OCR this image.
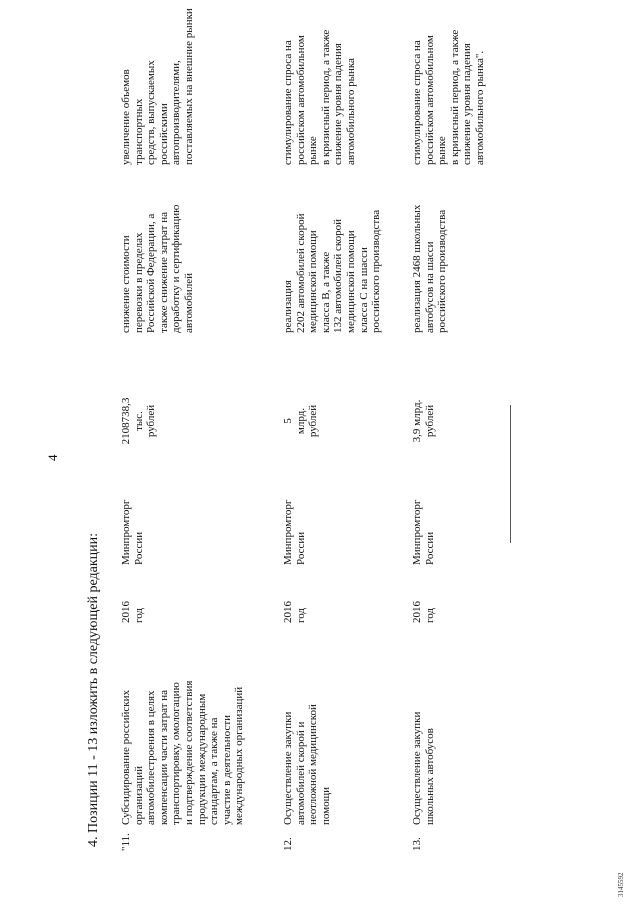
4
4. Позиции 11 - 13 изложить в следующей редакции: "11.
Субсидирование российских
организаций
автомобилестроения в целях
компенсации части затрат на
транспортировку, омологацию
и подтверждение соответствия
продукции международным
стандартам, а также на
участие в деятельности
международных организаций
2016
год
Минпромторг
России
2108738,3
тыс.
рублей
снижение стоимости
перевозки в пределах
Российской Федерации, а
также снижение затрат на
доработку и сертификацию
автомобилей
увеличение объемов транспортных
средств, выпускаемых
российскими
автопроизводителями,
поставляемых на внешние рынки
12.
Осуществление закупки
автомобилей скорой и
неотложной медицинской
помощи
2016
год
Минпромторг
России
5
млрд.
рублей
реализация
2202 автомобилей скорой
медицинской помощи
класса В, а также
132 автомобилей скорой
медицинской помощи
класса С на шасси
российского производства
стимулирование спроса на
российском автомобильном рынке
в кризисный период, а также
снижение уровня падения
автомобильного рынка
13.
Осуществление закупки
школьных автобусов
2016
год
Минпромторг
России
3,9 млрд.
рублей
реализация 2468 школьных
автобусов на шасси
российского производства
стимулирование спроса на
российском автомобильном рынке
в кризисный период, а также
снижение уровня падения
автомобильного рынка".
3145592
